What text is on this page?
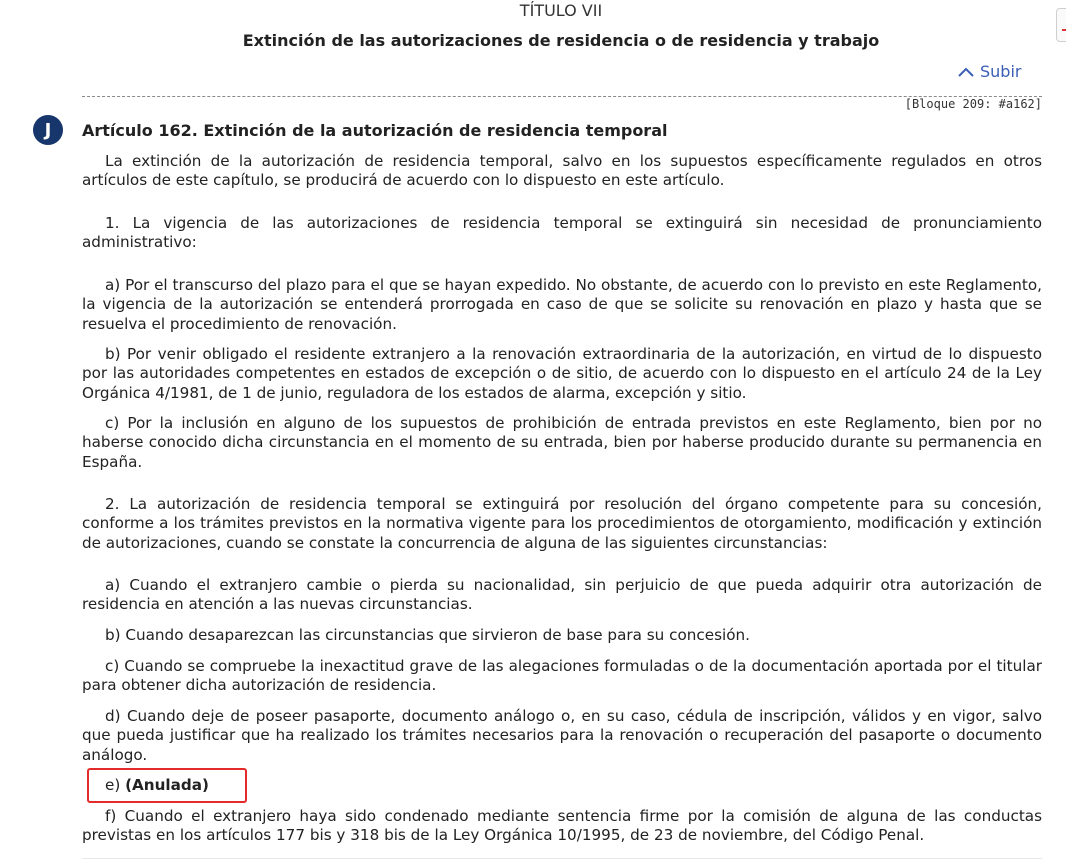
TÍTULO VII
Extinción de las autorizaciones de residencia o de residencia y trabajo
Subir
[Bloque 209: #a162]
J	Artículo 162. Extinción de la autorización de residencia temporal

La extinción de la autorización de residencia temporal, salvo en los supuestos específicamente regulados en otros artículos de este capítulo, se producirá de acuerdo con lo dispuesto en este artículo.

1. La vigencia de las autorizaciones de residencia temporal se extinguirá sin necesidad de pronunciamiento administrativo:

a) Por el transcurso del plazo para el que se hayan expedido. No obstante, de acuerdo con lo previsto en este Reglamento, la vigencia de la autorización se entenderá prorrogada en caso de que se solicite su renovación en plazo y hasta que se resuelva el procedimiento de renovación.

b) Por venir obligado el residente extranjero a la renovación extraordinaria de la autorización, en virtud de lo dispuesto por las autoridades competentes en estados de excepción o de sitio, de acuerdo con lo dispuesto en el artículo 24 de la Ley Orgánica 4/1981, de 1 de junio, reguladora de los estados de alarma, excepción y sitio.

c) Por la inclusión en alguno de los supuestos de prohibición de entrada previstos en este Reglamento, bien por no haberse conocido dicha circunstancia en el momento de su entrada, bien por haberse producido durante su permanencia en España.

2. La autorización de residencia temporal se extinguirá por resolución del órgano competente para su concesión, conforme a los trámites previstos en la normativa vigente para los procedimientos de otorgamiento, modificación y extinción de autorizaciones, cuando se constate la concurrencia de alguna de las siguientes circunstancias:

a) Cuando el extranjero cambie o pierda su nacionalidad, sin perjuicio de que pueda adquirir otra autorización de residencia en atención a las nuevas circunstancias.

b) Cuando desaparezcan las circunstancias que sirvieron de base para su concesión.

c) Cuando se compruebe la inexactitud grave de las alegaciones formuladas o de la documentación aportada por el titular para obtener dicha autorización de residencia.

d) Cuando deje de poseer pasaporte, documento análogo o, en su caso, cédula de inscripción, válidos y en vigor, salvo que pueda justificar que ha realizado los trámites necesarios para la renovación o recuperación del pasaporte o documento análogo.

e) (Anulada)

f) Cuando el extranjero haya sido condenado mediante sentencia firme por la comisión de alguna de las conductas previstas en los artículos 177 bis y 318 bis de la Ley Orgánica 10/1995, de 23 de noviembre, del Código Penal.
